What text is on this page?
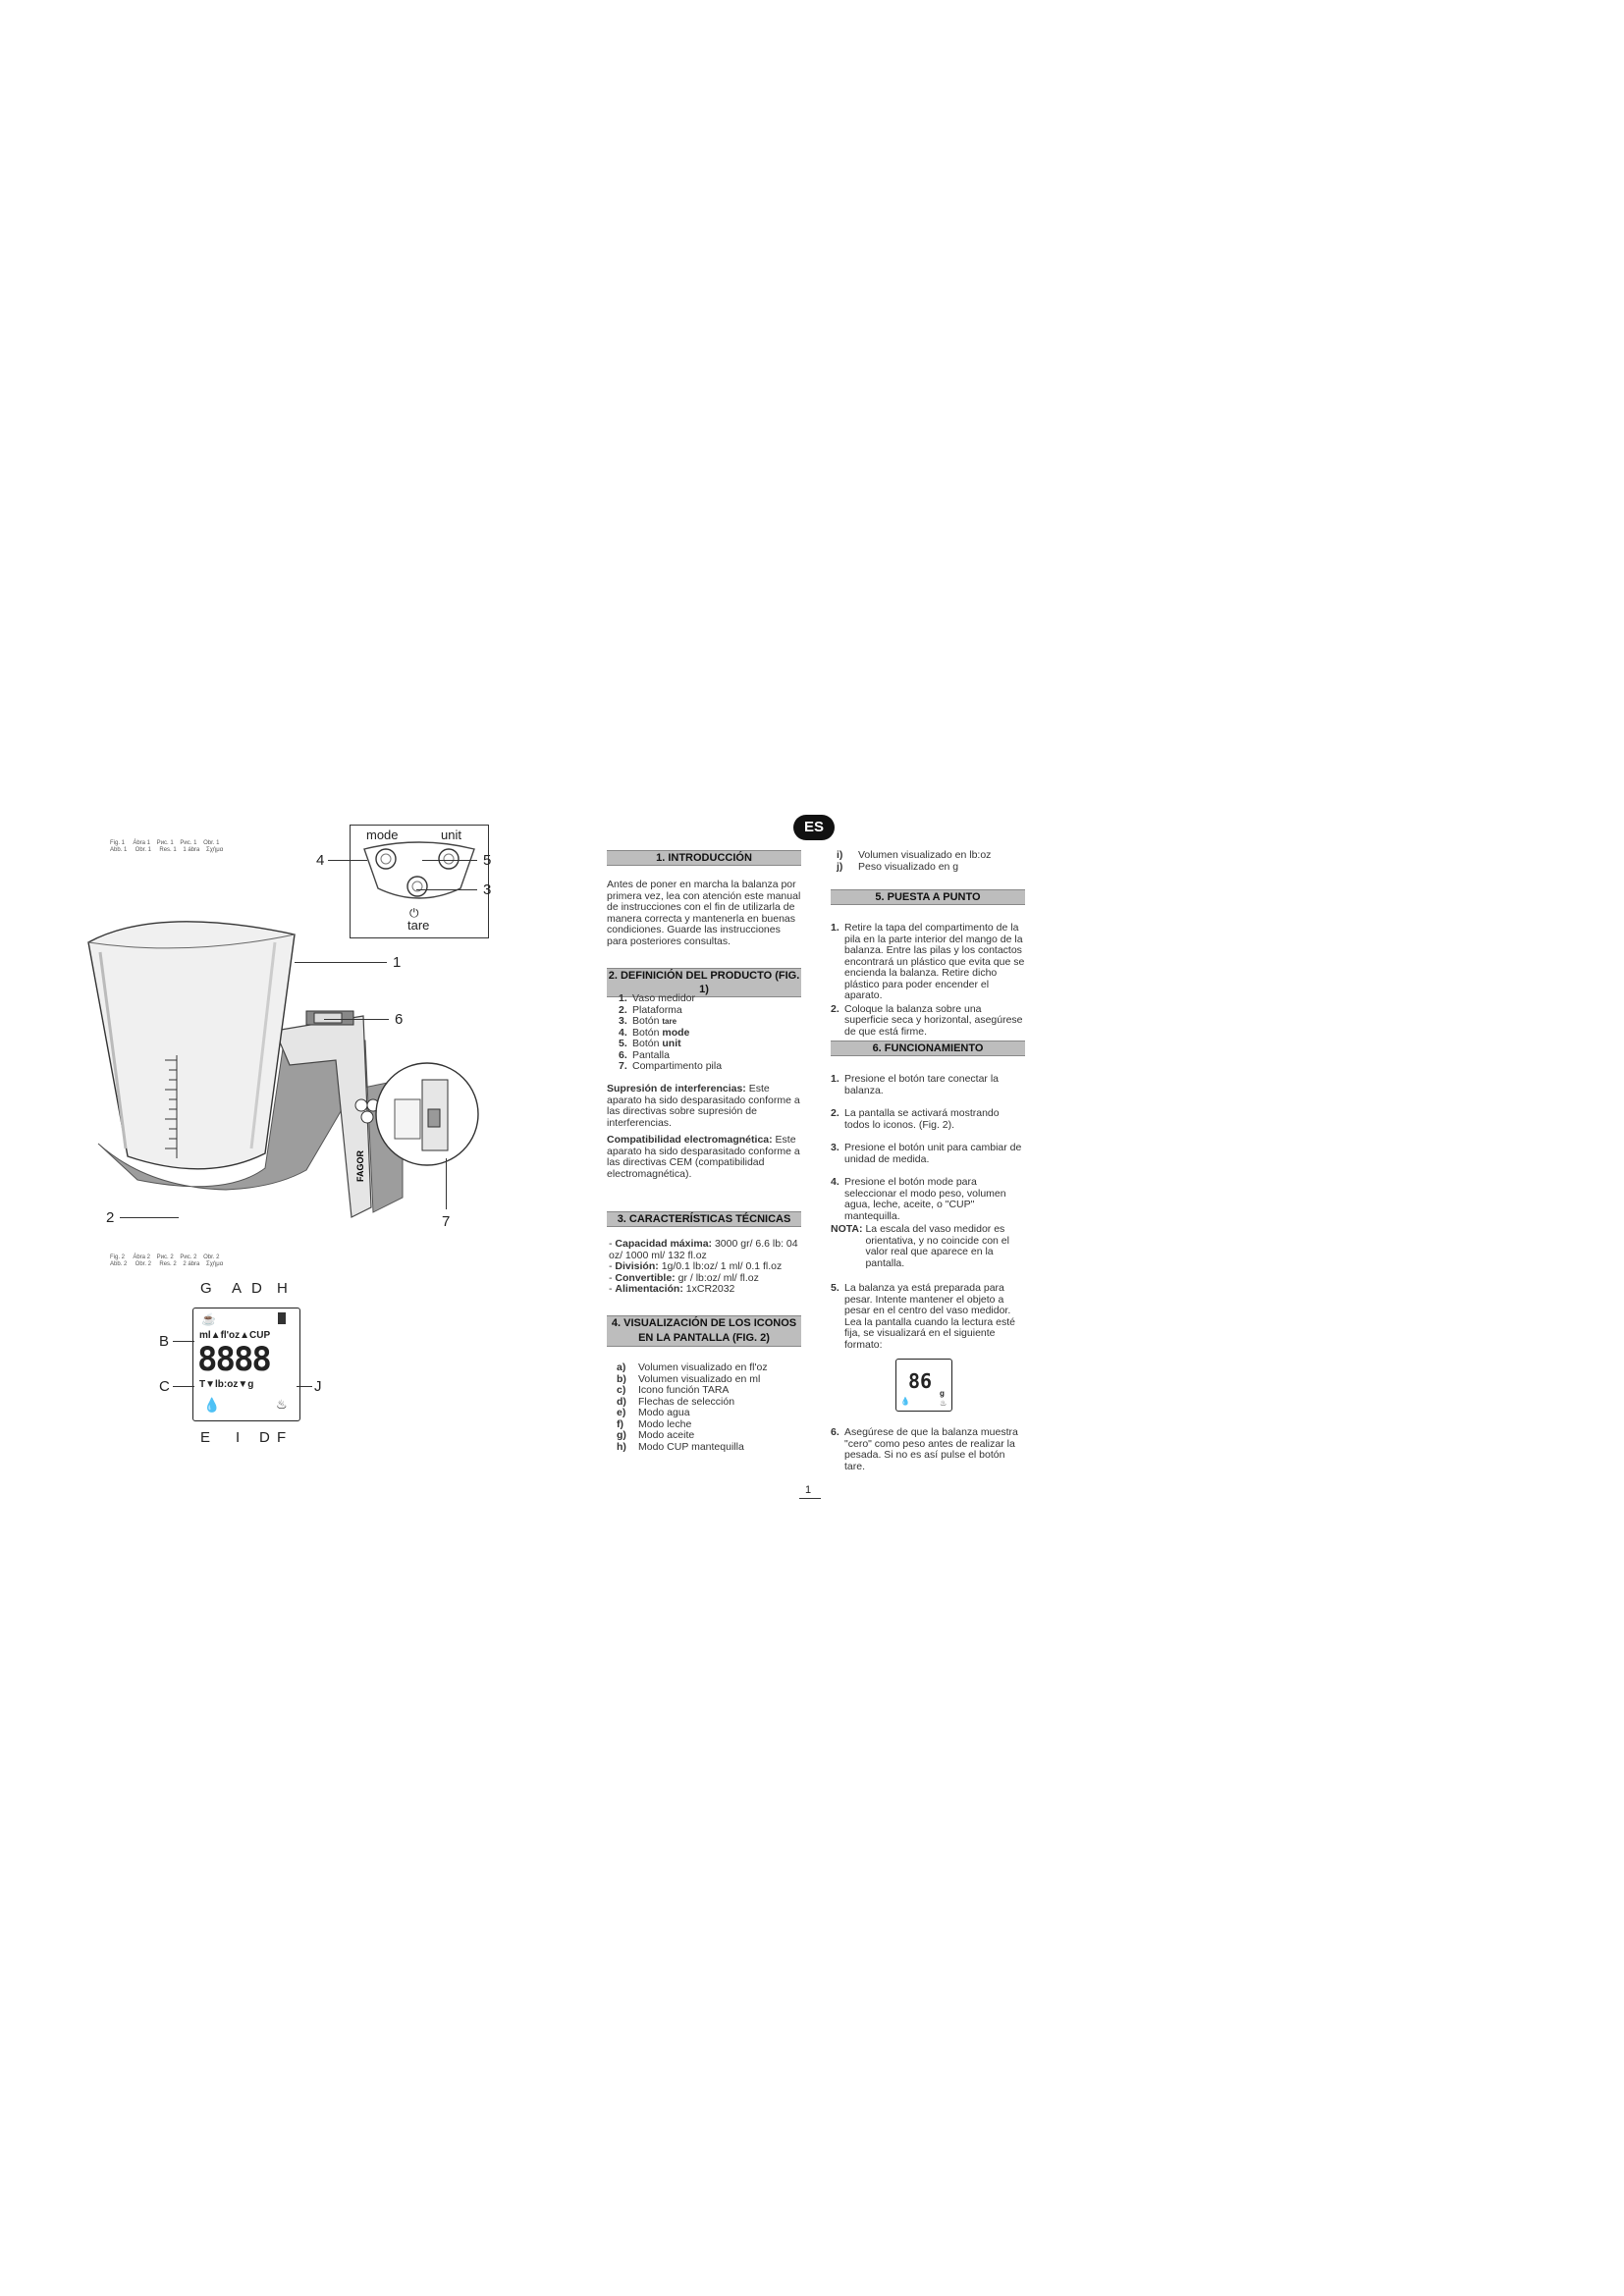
Fig. 1     Ábra 1    Рис. 1    Рис. 1    Obr. 1
Abb. 1     Obr. 1     Res. 1    1 ábra    Σχήμα
mode	unit
⏻
tare
4	5
3
FAGOR
1
6
7
2
Fig. 2     Ábra 2    Рис. 2    Рис. 2    Obr. 2
Abb. 2     Obr. 2     Res. 2    2 ábra    Σχήμα
G A D H
B
C	J
E I D F
ml▲fl'oz▲CUP
8888
T▼lb:oz▼g
☕
💧	♨
ES
1. INTRODUCCIÓN
Antes de poner en marcha la balanza por primera vez, lea con atención este manual de instrucciones con el fin de utilizarla de manera correcta y mantenerla en buenas condiciones. Guarde las instrucciones para posteriores consultas.
2. DEFINICIÓN DEL PRODUCTO (FIG. 1)
1. Vaso medidor
2. Plataforma
3. Botón tare
4. Botón mode
5. Botón unit
6. Pantalla
7. Compartimento pila
Supresión de interferencias: Este aparato ha sido desparasitado conforme a las directivas sobre supresión de interferencias.
Compatibilidad electromagnética: Este aparato ha sido desparasitado conforme a las directivas CEM (compatibilidad electromagnética).
3. CARACTERÍSTICAS TÉCNICAS
- Capacidad máxima: 3000 gr/ 6.6 lb: 04 oz/ 1000 ml/ 132 fl.oz
- División: 1g/0.1 lb:oz/ 1 ml/ 0.1 fl.oz
- Convertible: gr / lb:oz/ ml/ fl.oz
- Alimentación: 1xCR2032
4. VISUALIZACIÓN DE LOS ICONOS
EN LA PANTALLA (FIG. 2)
a) Volumen visualizado en fl'oz
b) Volumen visualizado en ml
c) Icono función TARA
d) Flechas de selección
e) Modo agua
f) Modo leche
g) Modo aceite
h) Modo CUP mantequilla
i) Volumen visualizado en lb:oz
j) Peso visualizado en g
5. PUESTA A PUNTO
1. Retire la tapa del compartimento de la pila en la parte interior del mango de la balanza. Entre las pilas y los contactos encontrará un plástico que evita que se encienda la balanza. Retire dicho plástico para poder encender el aparato.
2. Coloque la balanza sobre una superficie seca y horizontal, asegúrese de que está firme.
6. FUNCIONAMIENTO
1. Presione el botón tare conectar la balanza.
2. La pantalla se activará mostrando todos lo iconos. (Fig. 2).
3. Presione el botón unit para cambiar de unidad de medida.
4. Presione el botón mode para seleccionar el modo peso, volumen agua, leche, aceite, o "CUP" mantequilla.
NOTA: La escala del vaso medidor es orientativa, y no coincide con el valor real que aparece en la pantalla.
5. La balanza ya está preparada para pesar. Intente mantener el objeto a pesar en el centro del vaso medidor. Lea la pantalla cuando la lectura esté fija, se visualizará en el siguiente formato:
86
g
💧	♨
6. Asegúrese de que la balanza muestra "cero" como peso antes de realizar la pesada. Si no es así pulse el botón tare.
1
